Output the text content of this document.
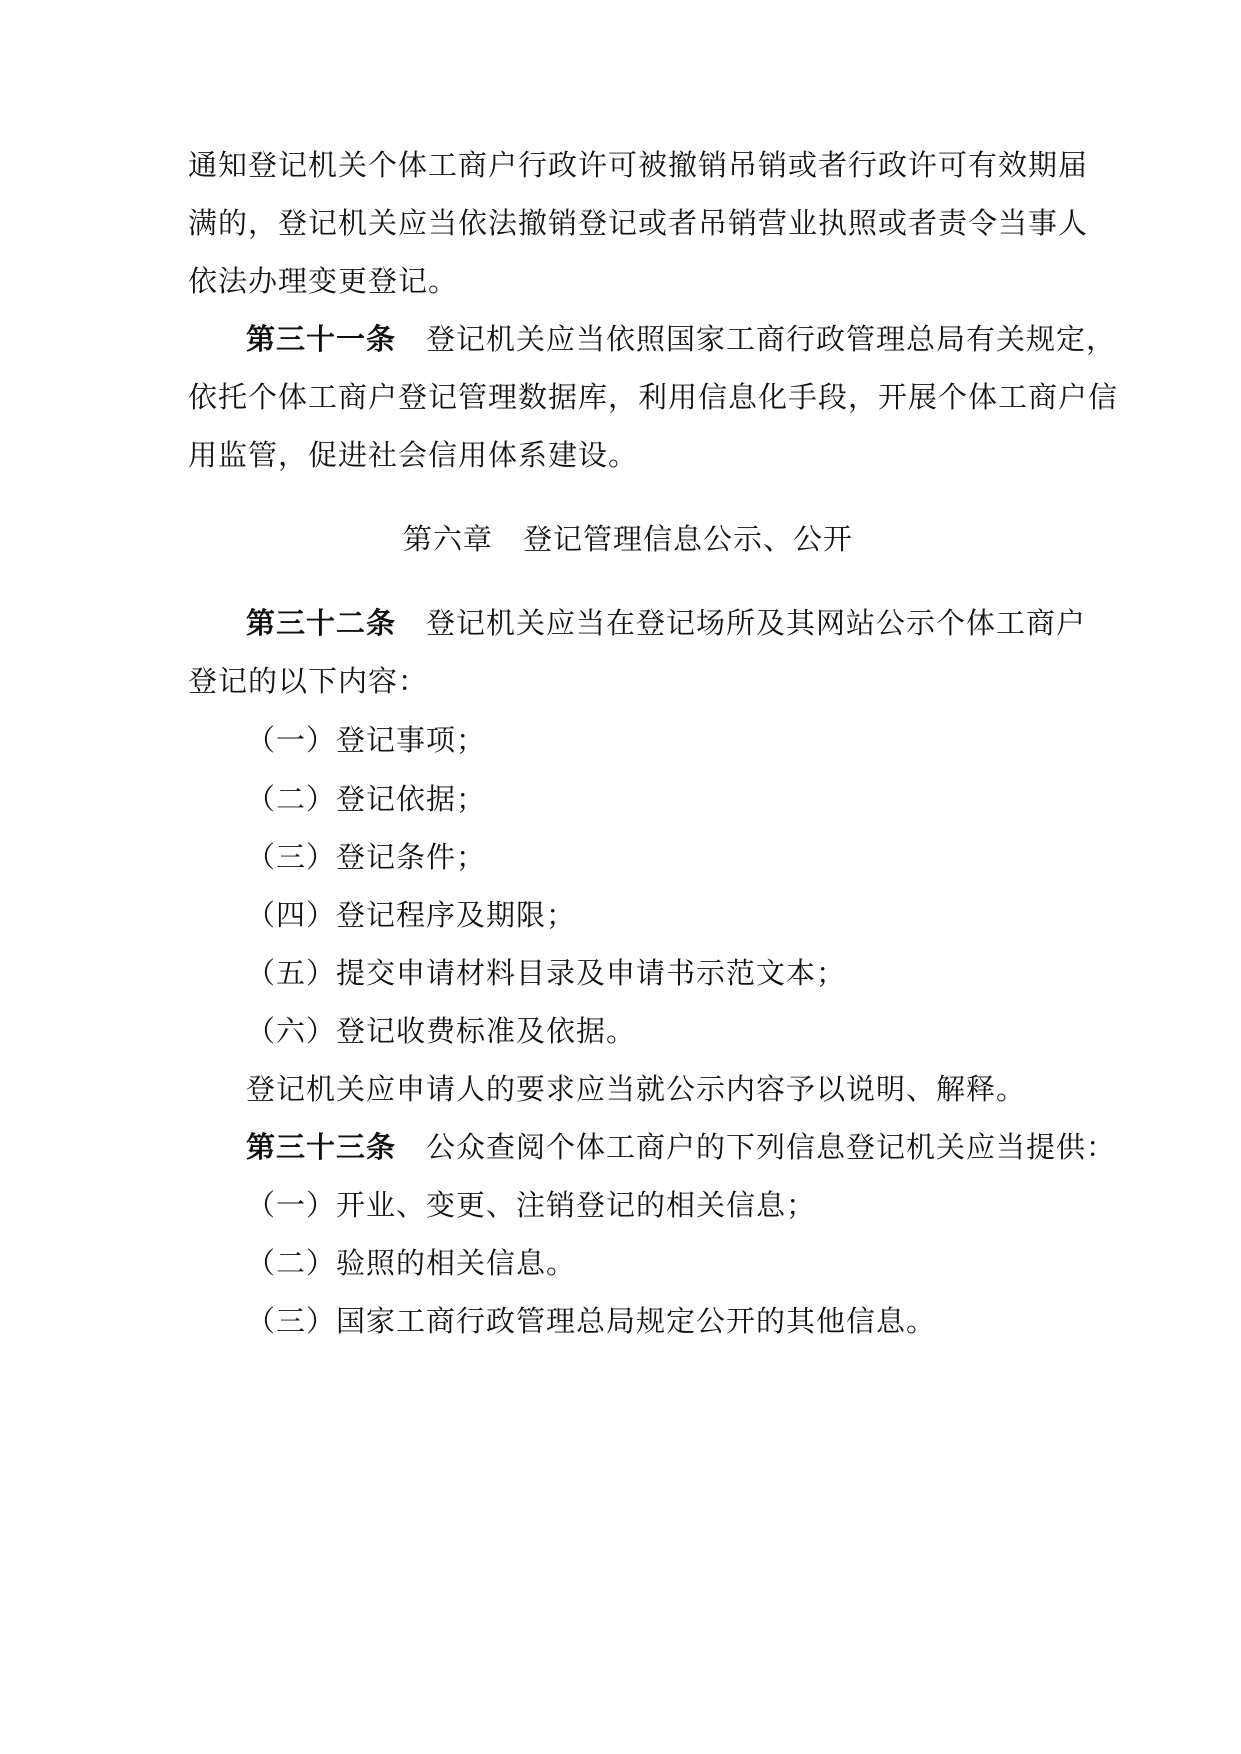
通知登记机关个体工商户行政许可被撤销吊销或者行政许可有效期届
满的，登记机关应当依法撤销登记或者吊销营业执照或者责令当事人
依法办理变更登记。
第三十一条 登记机关应当依照国家工商行政管理总局有关规定，
依托个体工商户登记管理数据库，利用信息化手段，开展个体工商户信
用监管，促进社会信用体系建设。
第六章 登记管理信息公示、公开
第三十二条 登记机关应当在登记场所及其网站公示个体工商户
登记的以下内容：
（一）登记事项；
（二）登记依据；
（三）登记条件；
（四）登记程序及期限；
（五）提交申请材料目录及申请书示范文本；
（六）登记收费标准及依据。
登记机关应申请人的要求应当就公示内容予以说明、解释。
第三十三条 公众查阅个体工商户的下列信息登记机关应当提供：
（一）开业、变更、注销登记的相关信息；
（二）验照的相关信息。
（三）国家工商行政管理总局规定公开的其他信息。
